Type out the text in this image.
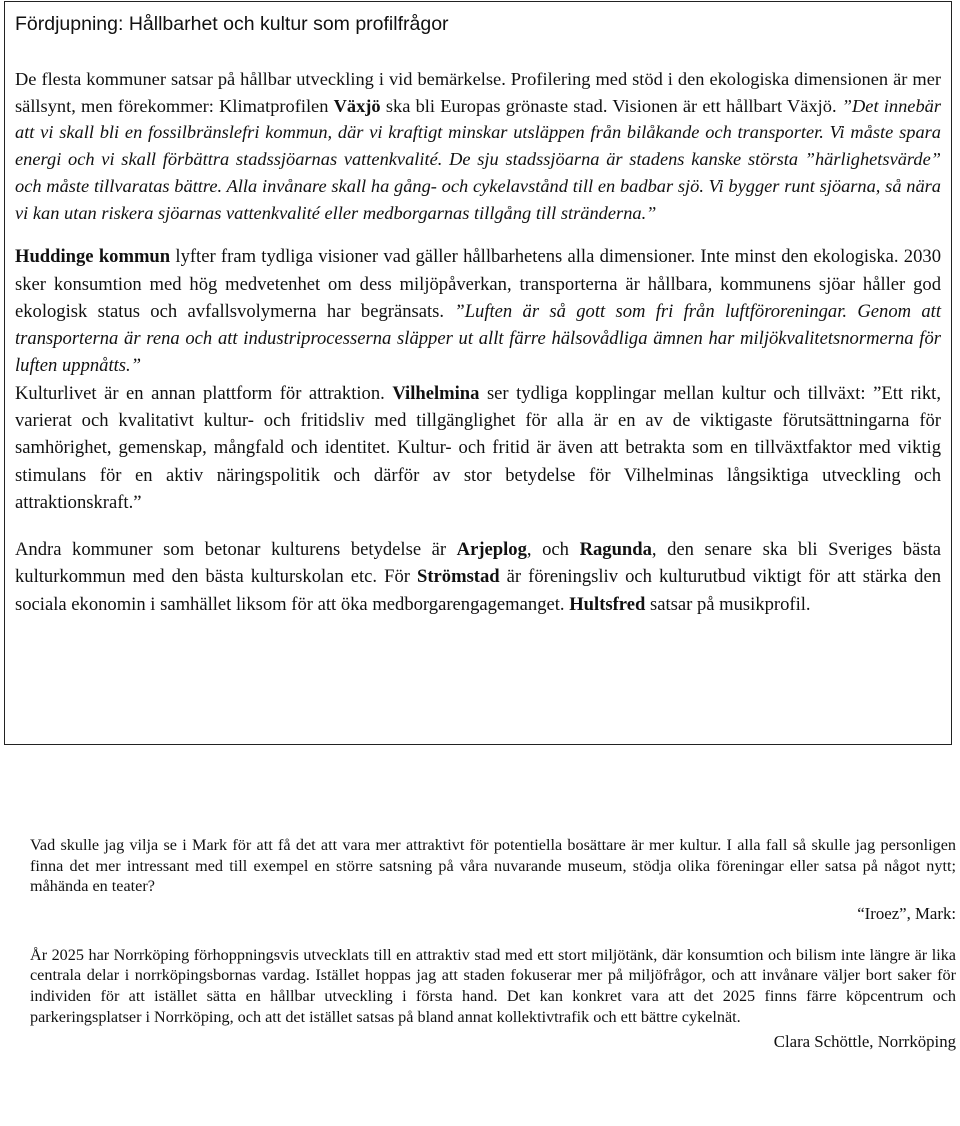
Fördjupning: Hållbarhet och kultur som profilfrågor

De flesta kommuner satsar på hållbar utveckling i vid bemärkelse. Profilering med stöd i den ekologiska dimensionen är mer sällsynt, men förekommer: Klimatprofilen Växjö ska bli Europas grönaste stad. Visionen är ett hållbart Växjö. ”Det innebär att vi skall bli en fossilbränslefri kommun, där vi kraftigt minskar utsläppen från bilåkande och transporter. Vi måste spara energi och vi skall förbättra stadssjöarnas vattenkvalité. De sju stadssjöarna är stadens kanske största ”härlighetsvärde” och måste tillvaratas bättre. Alla invånare skall ha gång- och cykelavstånd till en badbar sjö. Vi bygger runt sjöarna, så nära vi kan utan riskera sjöarnas vattenkvalité eller medborgarnas tillgång till stränderna.”

Huddinge kommun lyfter fram tydliga visioner vad gäller hållbarhetens alla dimensioner. Inte minst den ekologiska. 2030 sker konsumtion med hög medvetenhet om dess miljöpåverkan, transporterna är hållbara, kommunens sjöar håller god ekologisk status och avfallsvolymerna har begränsats. ”Luften är så gott som fri från luftföroreningar. Genom att transporterna är rena och att industriprocesserna släpper ut allt färre hälsovådliga ämnen har miljökvalitetsnormerna för luften uppnåtts.”

Kulturlivet är en annan plattform för attraktion. Vilhelmina ser tydliga kopplingar mellan kultur och tillväxt: ”Ett rikt, varierat och kvalitativt kultur- och fritidsliv med tillgänglighet för alla är en av de viktigaste förutsättningarna för samhörighet, gemenskap, mångfald och identitet. Kultur- och fritid är även att betrakta som en tillväxtfaktor med viktig stimulans för en aktiv näringspolitik och därför av stor betydelse för Vilhelminas långsiktiga utveckling och attraktionskraft.”

Andra kommuner som betonar kulturens betydelse är Arjeplog, och Ragunda, den senare ska bli Sveriges bästa kulturkommun med den bästa kulturskolan etc. För Strömstad är föreningsliv och kulturutbud viktigt för att stärka den sociala ekonomin i samhället liksom för att öka medborgarengagemanget. Hultsfred satsar på musikprofil.

Vad skulle jag vilja se i Mark för att få det att vara mer attraktivt för potentiella bosättare är mer kultur. I alla fall så skulle jag personligen finna det mer intressant med till exempel en större satsning på våra nuvarande museum, stödja olika föreningar eller satsa på något nytt; måhända en teater?

“Iroez”, Mark:

År 2025 har Norrköping förhoppningsvis utvecklats till en attraktiv stad med ett stort miljötänk, där konsumtion och bilism inte längre är lika centrala delar i norrköpingsbornas vardag. Istället hoppas jag att staden fokuserar mer på miljöfrågor, och att invånare väljer bort saker för individen för att istället sätta en hållbar utveckling i första hand. Det kan konkret vara att det 2025 finns färre köpcentrum och parkeringsplatser i Norrköping, och att det istället satsas på bland annat kollektivtrafik och ett bättre cykelnät.

Clara Schöttle, Norrköping
